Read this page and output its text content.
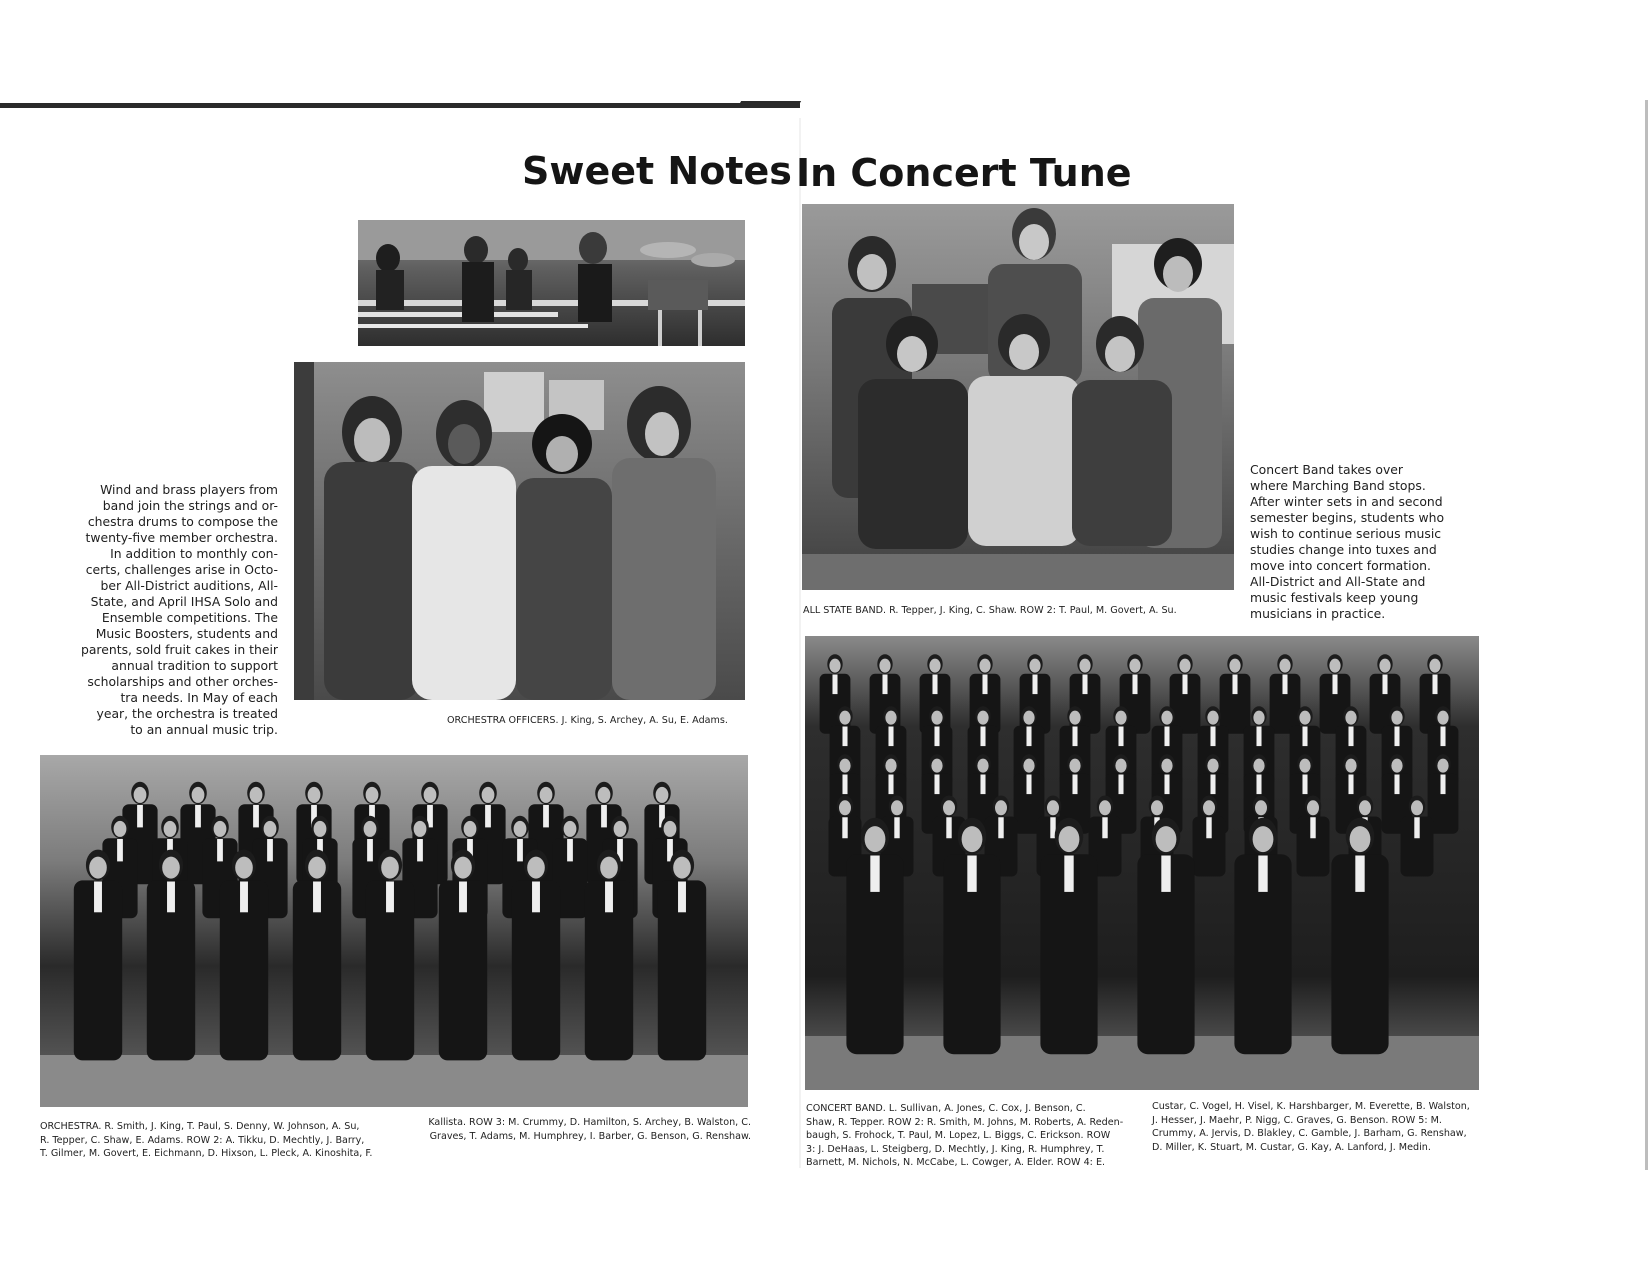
Sweet Notes In Concert Tune
Wind and brass players from
band join the strings and or-
chestra drums to compose the
twenty-five member orchestra.
In addition to monthly con-
certs, challenges arise in Octo-
ber All-District auditions, All-
State, and April IHSA Solo and
Ensemble competitions. The
Music Boosters, students and
parents, sold fruit cakes in their
annual tradition to support
scholarships and other orches-
tra needs. In May of each
year, the orchestra is treated
to an annual music trip.
ORCHESTRA OFFICERS. J. King, S. Archey, A. Su, E. Adams.
ALL STATE BAND. R. Tepper, J. King, C. Shaw. ROW 2: T. Paul, M. Govert, A. Su.
Concert Band takes over
where Marching Band stops.
After winter sets in and second
semester begins, students who
wish to continue serious music
studies change into tuxes and
move into concert formation.
All-District and All-State and
music festivals keep young
musicians in practice.
ORCHESTRA. R. Smith, J. King, T. Paul, S. Denny, W. Johnson, A. Su,
R. Tepper, C. Shaw, E. Adams. ROW 2: A. Tikku, D. Mechtly, J. Barry,
T. Gilmer, M. Govert, E. Eichmann, D. Hixson, L. Pleck, A. Kinoshita, F.
Kallista. ROW 3: M. Crummy, D. Hamilton, S. Archey, B. Walston, C.
Graves, T. Adams, M. Humphrey, I. Barber, G. Benson, G. Renshaw.
CONCERT BAND. L. Sullivan, A. Jones, C. Cox, J. Benson, C.
Shaw, R. Tepper. ROW 2: R. Smith, M. Johns, M. Roberts, A. Reden-
baugh, S. Frohock, T. Paul, M. Lopez, L. Biggs, C. Erickson. ROW
3: J. DeHaas, L. Steigberg, D. Mechtly, J. King, R. Humphrey, T.
Barnett, M. Nichols, N. McCabe, L. Cowger, A. Elder. ROW 4: E.
Custar, C. Vogel, H. Visel, K. Harshbarger, M. Everette, B. Walston,
J. Hesser, J. Maehr, P. Nigg, C. Graves, G. Benson. ROW 5: M.
Crummy, A. Jervis, D. Blakley, C. Gamble, J. Barham, G. Renshaw,
D. Miller, K. Stuart, M. Custar, G. Kay, A. Lanford, J. Medin.
